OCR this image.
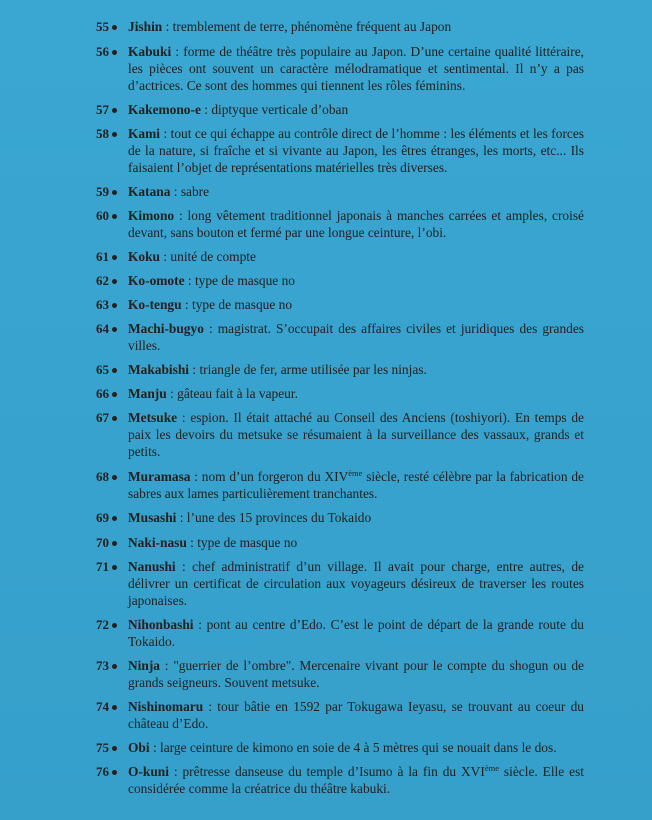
55	Jishin : tremblement de terre, phénomène fréquent au Japon

56	Kabuki : forme de théâtre très populaire au Japon. D’une certaine qualité littéraire, les pièces ont souvent un caractère mélodramatique et sentimental. Il n’y a pas d’actrices. Ce sont des hommes qui tiennent les rôles féminins.

57	Kakemono-e : diptyque verticale d’oban

58	Kami : tout ce qui échappe au contrôle direct de l’homme : les éléments et les forces de la nature, si fraîche et si vivante au Japon, les êtres étranges, les morts, etc... Ils faisaient l’objet de représentations matérielles très diverses.

59	Katana : sabre

60	Kimono : long vêtement traditionnel japonais à manches carrées et amples, croisé devant, sans bouton et fermé par une longue ceinture, l’obi.

61	Koku : unité de compte

62	Ko-omote : type de masque no

63	Ko-tengu : type de masque no

64	Machi-bugyo : magistrat. S’occupait des affaires civiles et juridiques des grandes villes.

65	Makabishi : triangle de fer, arme utilisée par les ninjas.

66	Manju : gâteau fait à la vapeur.

67	Metsuke : espion. Il était attaché au Conseil des Anciens (toshiyori). En temps de paix les devoirs du metsuke se résumaient à la surveillance des vassaux, grands et petits.

68	Muramasa : nom d’un forgeron du XIVème siècle, resté célèbre par la fabrication de sabres aux lames particulièrement tranchantes.

69	Musashi : l’une des 15 provinces du Tokaido

70	Naki-nasu : type de masque no

71	Nanushi : chef administratif d’un village. Il avait pour charge, entre autres, de délivrer un certificat de circulation aux voyageurs désireux de traverser les routes japonaises.

72	Nihonbashi : pont au centre d’Edo. C’est le point de départ de la grande route du Tokaido.

73	Ninja : "guerrier de l’ombre". Mercenaire vivant pour le compte du shogun ou de grands seigneurs. Souvent metsuke.

74	Nishinomaru : tour bâtie en 1592 par Tokugawa Ieyasu, se trouvant au coeur du château d’Edo.

75	Obi : large ceinture de kimono en soie de 4 à 5 mètres qui se nouait dans le dos.

76	O-kuni : prêtresse danseuse du temple d’Isumo à la fin du XVIème siècle. Elle est considérée comme la créatrice du théâtre kabuki.
